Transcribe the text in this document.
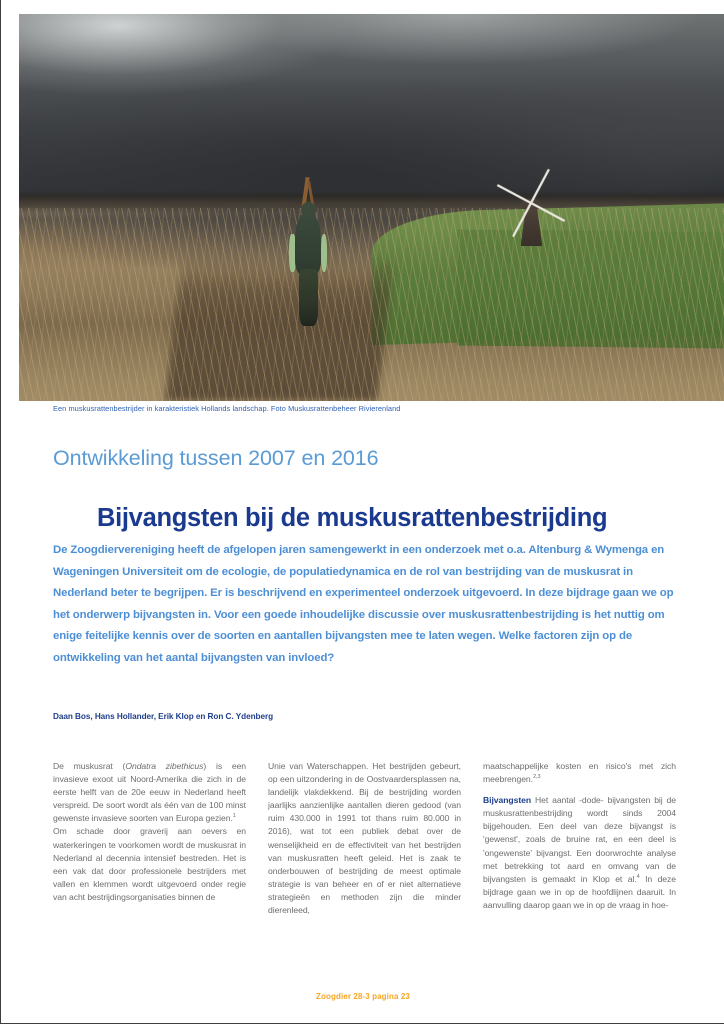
Een muskusrattenbestrijder in karakteristiek Hollands landschap. Foto Muskusrattenbeheer Rivierenland
Ontwikkeling tussen 2007 en 2016
Bijvangsten bij de muskusrattenbestrijding
De Zoogdiervereniging heeft de afgelopen jaren samengewerkt in een onderzoek met o.a. Altenburg & Wymenga en Wageningen Universiteit om de ecologie, de populatiedynamica en de rol van bestrijding van de muskusrat in Nederland beter te begrijpen. Er is beschrijvend en experimenteel onderzoek uitgevoerd. In deze bijdrage gaan we op het onderwerp bijvangsten in. Voor een goede inhoudelijke discussie over muskusrattenbestrijding is het nuttig om enige feitelijke kennis over de soorten en aantallen bijvangsten mee te laten wegen. Welke factoren zijn op de ontwikkeling van het aantal bijvangsten van invloed?
Daan Bos, Hans Hollander, Erik Klop en Ron C. Ydenberg

De muskusrat (Ondatra zibethicus) is een invasieve exoot uit Noord-Amerika die zich in de eerste helft van de 20e eeuw in Nederland heeft verspreid. De soort wordt als één van de 100 minst gewenste invasieve soorten van Europa gezien.$^1$

Om schade door graverij aan oevers en waterkeringen te voorkomen wordt de muskusrat in Nederland al decennia intensief bestreden. Het is een vak dat door professionele bestrijders met vallen en klemmen wordt uitgevoerd onder regie van acht bestrijdingsorganisaties binnen de

Unie van Waterschappen. Het bestrijden gebeurt, op een uitzondering in de Oostvaardersplassen na, landelijk vlakdekkend. Bij de bestrijding worden jaarlijks aanzienlijke aantallen dieren gedood (van ruim 430.000 in 1991 tot thans ruim 80.000 in 2016), wat tot een publiek debat over de wenselijkheid en de effectiviteit van het bestrijden van muskusratten heeft geleid. Het is zaak te onderbouwen of bestrijding de meest optimale strategie is van beheer en of er niet alternatieve strategieën en methoden zijn die minder dierenleed,

maatschappelijke kosten en risico's met zich meebrengen.$^{2,3}$

Bijvangsten Het aantal -dode- bijvangsten bij de muskusrattenbestrijding wordt sinds 2004 bijgehouden. Een deel van deze bijvangst is 'gewenst', zoals de bruine rat, en een deel is 'ongewenste' bijvangst. Een doorwrochte analyse met betrekking tot aard en omvang van de bijvangsten is gemaakt in Klop et al.$^4$ In deze bijdrage gaan we in op de hoofdlijnen daaruit. In aanvulling daarop gaan we in op de vraag in hoe-

Zoogdier 28-3 pagina 23
